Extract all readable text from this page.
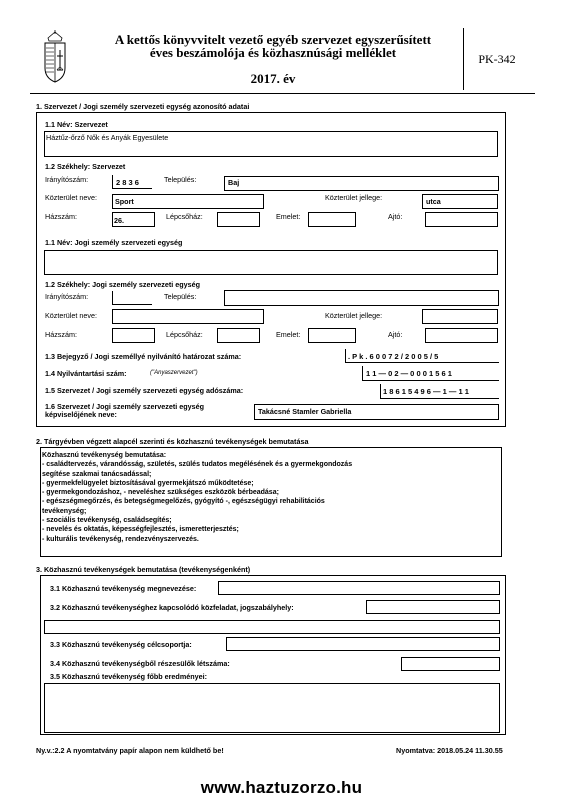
A kettős könyvvitelt vezető egyéb szervezet egyszerűsített
éves beszámolója és közhasznúsági melléklet
2017. év
PK-342
1. Szervezet / Jogi személy szervezeti egység azonosító adatai
1.1 Név: Szervezet
Háztűz-őrző Nők és Anyák Egyesülete
1.2 Székhely: Szervezet
Irányítószám:	2 8 3 6	Település:	Baj
Közterület neve:	Sport	Közterület jellege:	utca
Házszám:	26.	Lépcsőház:	Emelet:	Ajtó:
1.1 Név: Jogi személy szervezeti egység
1.2 Székhely: Jogi személy szervezeti egység
Irányítószám:	Település:
Közterület neve:	Közterület jellege:
Házszám:	Lépcsőház:	Emelet:	Ajtó:
1.3 Bejegyző / Jogi személlyé nyilvánító határozat száma:	. P k . 6 0 0 7 2 / 2 0 0 5 / 5
1.4 Nyilvántartási szám:	("Anyaszervezet")	1 1 — 0 2 — 0 0 0 1 5 6 1
1.5 Szervezet / Jogi személy szervezeti egység adószáma:	1 8 6 1 5 4 9 6 — 1 — 1 1
1.6 Szervezet / Jogi személy szervezeti egység
képviselőjének neve:	Takácsné Stamler Gabriella
2. Tárgyévben végzett alapcél szerinti és közhasznú tevékenységek bemutatása
Közhasznú tevékenység bemutatása:
- családtervezés, várandósság, születés, szülés tudatos megélésének és a gyermekgondozás
segítése szakmai tanácsadással;
- gyermekfelügyelet biztosításával gyermekjátszó működtetése;
- gyermekgondozáshoz, - neveléshez szükséges eszközök bérbeadása;
- egészségmegőrzés, és betegségmegelőzés, gyógyító -, egészségügyi rehabilitációs
tevékenység;
- szociális tevékenység, családsegítés;
- nevelés és oktatás, képességfejlesztés, ismeretterjesztés;
- kulturális tevékenység, rendezvényszervezés.
3. Közhasznú tevékenységek bemutatása (tevékenységenként)
3.1 Közhasznú tevékenység megnevezése:
3.2 Közhasznú tevékenységhez kapcsolódó közfeladat, jogszabályhely:
3.3 Közhasznú tevékenység célcsoportja:
3.4 Közhasznú tevékenységből részesülők létszáma:
3.5 Közhasznú tevékenység főbb eredményei:
Ny.v.:2.2 A nyomtatvány papír alapon nem küldhető be!	Nyomtatva: 2018.05.24 11.30.55
www.haztuzorzo.hu
